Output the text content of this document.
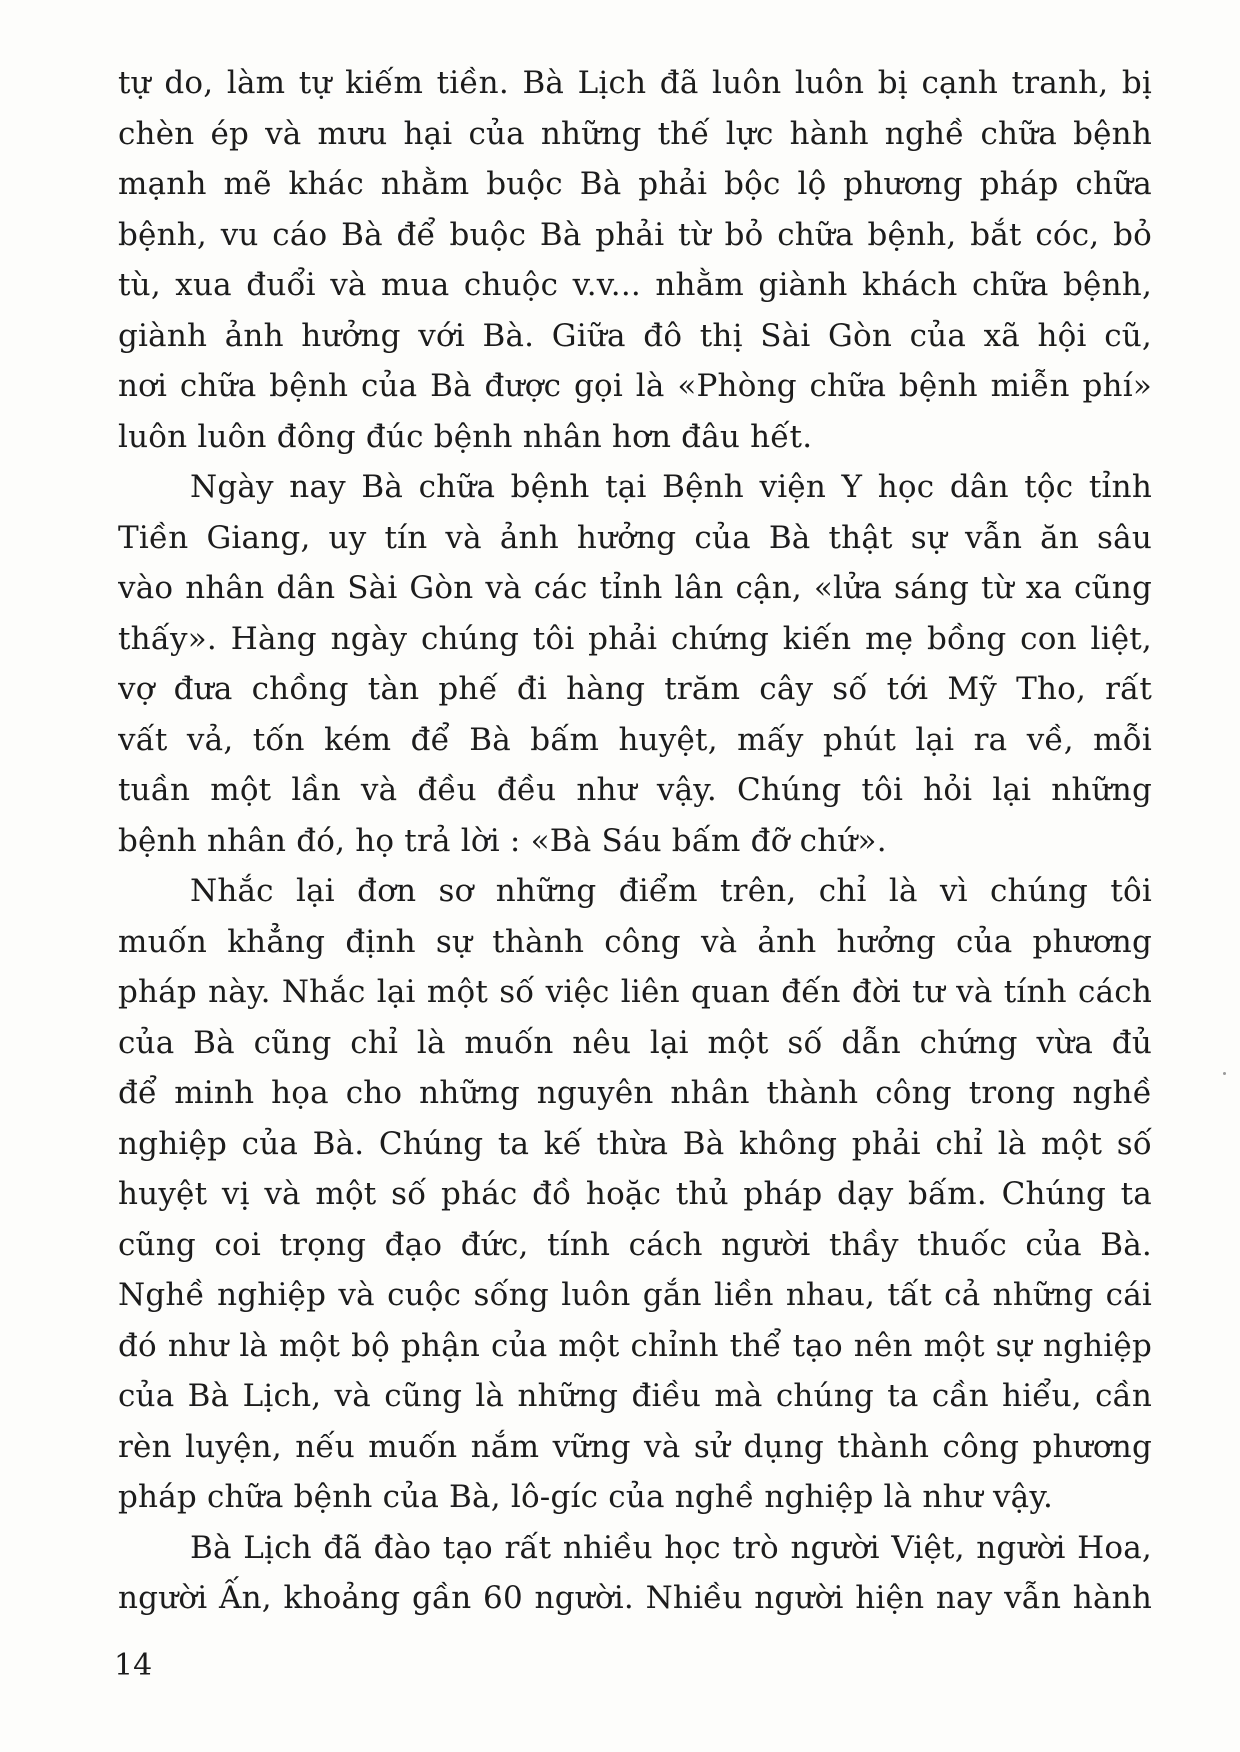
tự do, làm tự kiếm tiền. Bà Lịch đã luôn luôn bị cạnh tranh, bị
chèn ép và mưu hại của những thế lực hành nghề chữa bệnh
mạnh mẽ khác nhằm buộc Bà phải bộc lộ phương pháp chữa
bệnh, vu cáo Bà để buộc Bà phải từ bỏ chữa bệnh, bắt cóc, bỏ
tù, xua đuổi và mua chuộc v.v... nhằm giành khách chữa bệnh,
giành ảnh hưởng với Bà. Giữa đô thị Sài Gòn của xã hội cũ,
nơi chữa bệnh của Bà được gọi là «Phòng chữa bệnh miễn phí»
luôn luôn đông đúc bệnh nhân hơn đâu hết.
Ngày nay Bà chữa bệnh tại Bệnh viện Y học dân tộc tỉnh
Tiền Giang, uy tín và ảnh hưởng của Bà thật sự vẫn ăn sâu
vào nhân dân Sài Gòn và các tỉnh lân cận, «lửa sáng từ xa cũng
thấy». Hàng ngày chúng tôi phải chứng kiến mẹ bồng con liệt,
vợ đưa chồng tàn phế đi hàng trăm cây số tới Mỹ Tho, rất
vất vả, tốn kém để Bà bấm huyệt, mấy phút lại ra về, mỗi
tuần một lần và đều đều như vậy. Chúng tôi hỏi lại những
bệnh nhân đó, họ trả lời : «Bà Sáu bấm đỡ chứ».
Nhắc lại đơn sơ những điểm trên, chỉ là vì chúng tôi
muốn khẳng định sự thành công và ảnh hưởng của phương
pháp này. Nhắc lại một số việc liên quan đến đời tư và tính cách
của Bà cũng chỉ là muốn nêu lại một số dẫn chứng vừa đủ
để minh họa cho những nguyên nhân thành công trong nghề
nghiệp của Bà. Chúng ta kế thừa Bà không phải chỉ là một số
huyệt vị và một số phác đồ hoặc thủ pháp dạy bấm. Chúng ta
cũng coi trọng đạo đức, tính cách người thầy thuốc của Bà.
Nghề nghiệp và cuộc sống luôn gắn liền nhau, tất cả những cái
đó như là một bộ phận của một chỉnh thể tạo nên một sự nghiệp
của Bà Lịch, và cũng là những điều mà chúng ta cần hiểu, cần
rèn luyện, nếu muốn nắm vững và sử dụng thành công phương
pháp chữa bệnh của Bà, lô-gíc của nghề nghiệp là như vậy.
Bà Lịch đã đào tạo rất nhiều học trò người Việt, người Hoa,
người Ấn, khoảng gần 60 người. Nhiều người hiện nay vẫn hành
14
